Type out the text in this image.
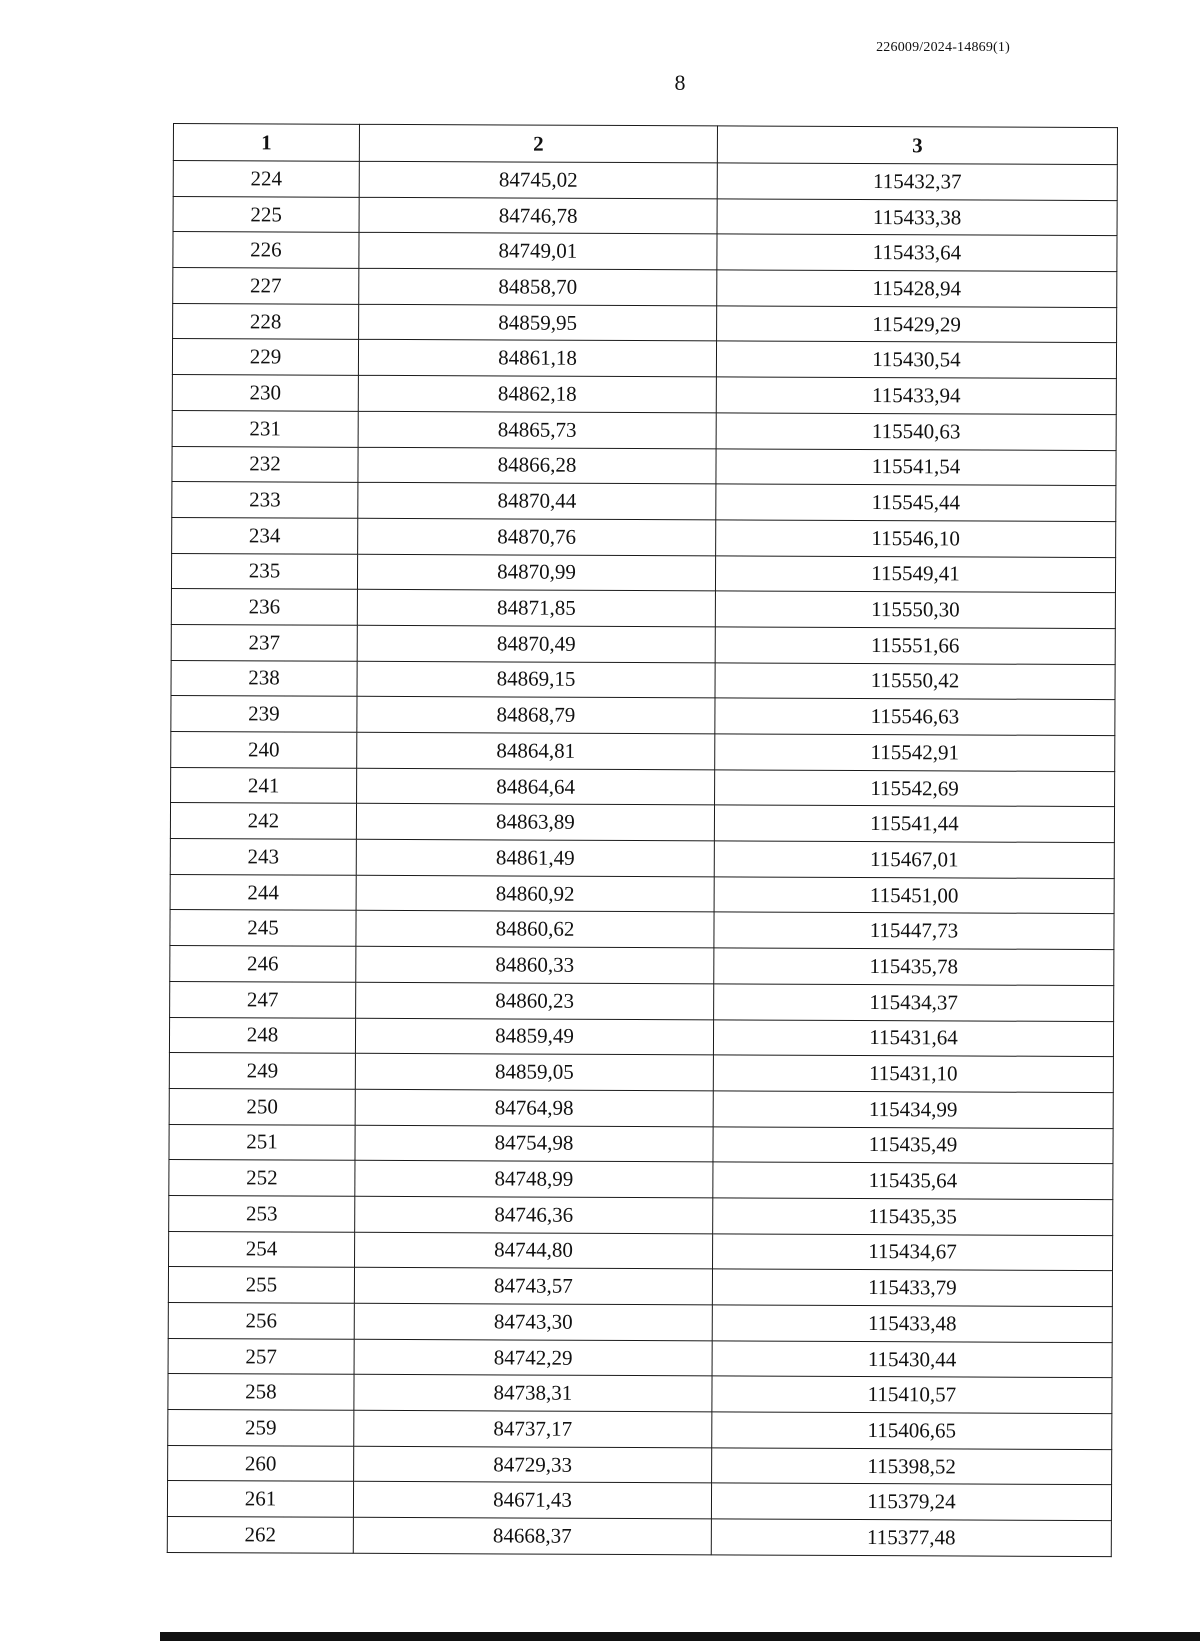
226009/2024-14869(1)
8
1	2	3
224	84745,02	115432,37
225	84746,78	115433,38
226	84749,01	115433,64
227	84858,70	115428,94
228	84859,95	115429,29
229	84861,18	115430,54
230	84862,18	115433,94
231	84865,73	115540,63
232	84866,28	115541,54
233	84870,44	115545,44
234	84870,76	115546,10
235	84870,99	115549,41
236	84871,85	115550,30
237	84870,49	115551,66
238	84869,15	115550,42
239	84868,79	115546,63
240	84864,81	115542,91
241	84864,64	115542,69
242	84863,89	115541,44
243	84861,49	115467,01
244	84860,92	115451,00
245	84860,62	115447,73
246	84860,33	115435,78
247	84860,23	115434,37
248	84859,49	115431,64
249	84859,05	115431,10
250	84764,98	115434,99
251	84754,98	115435,49
252	84748,99	115435,64
253	84746,36	115435,35
254	84744,80	115434,67
255	84743,57	115433,79
256	84743,30	115433,48
257	84742,29	115430,44
258	84738,31	115410,57
259	84737,17	115406,65
260	84729,33	115398,52
261	84671,43	115379,24
262	84668,37	115377,48
